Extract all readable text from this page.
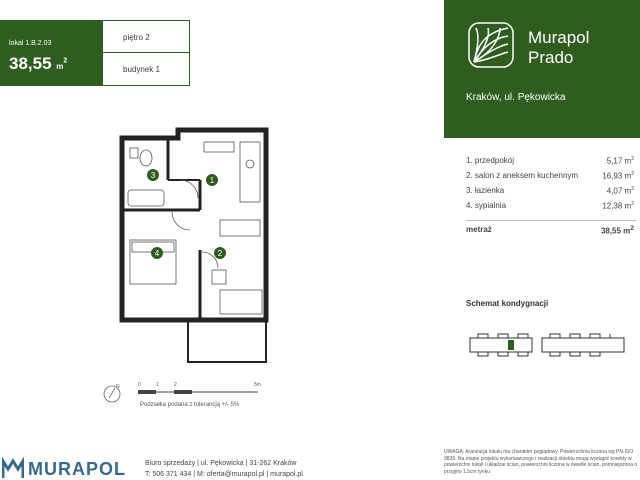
lokal 1.B.2.03
38,55 $m^2$
piętro 2
budynek 1
Murapol
Prado
Kraków, ul. Pękowicka
1. przedpokój	5,17 $m^2$
2. salon z aneksem kuchennym	16,93 $m^2$
3. łazienka	4,07 $m^2$
4. sypialnia	12,38 $m^2$
metraż	38,55 $m^2$
Schemat kondygnacji
1
2
3
4
0	1	2	5m
N
Podziałka podana z tolerancją +/- 5%
MURAPOL	Biuro sprzedaży | ul. Pękowicka | 31-262 Kraków
T: 506 371 434 | M: oferta@murapol.pl | murapol.pl
UWAGA: Aranżacja lokalu ma charakter poglądowy. Powierzchnia liczona wg PN-ISO 9836. Na etapie projektu wykonawczego i realizacji obiektu mogą wystąpić korekty w powierzchni lokali i układzie ścian, powierzchni liczona w świetle ścian, pomniejszona o przyjęto 1,5cm tynku
